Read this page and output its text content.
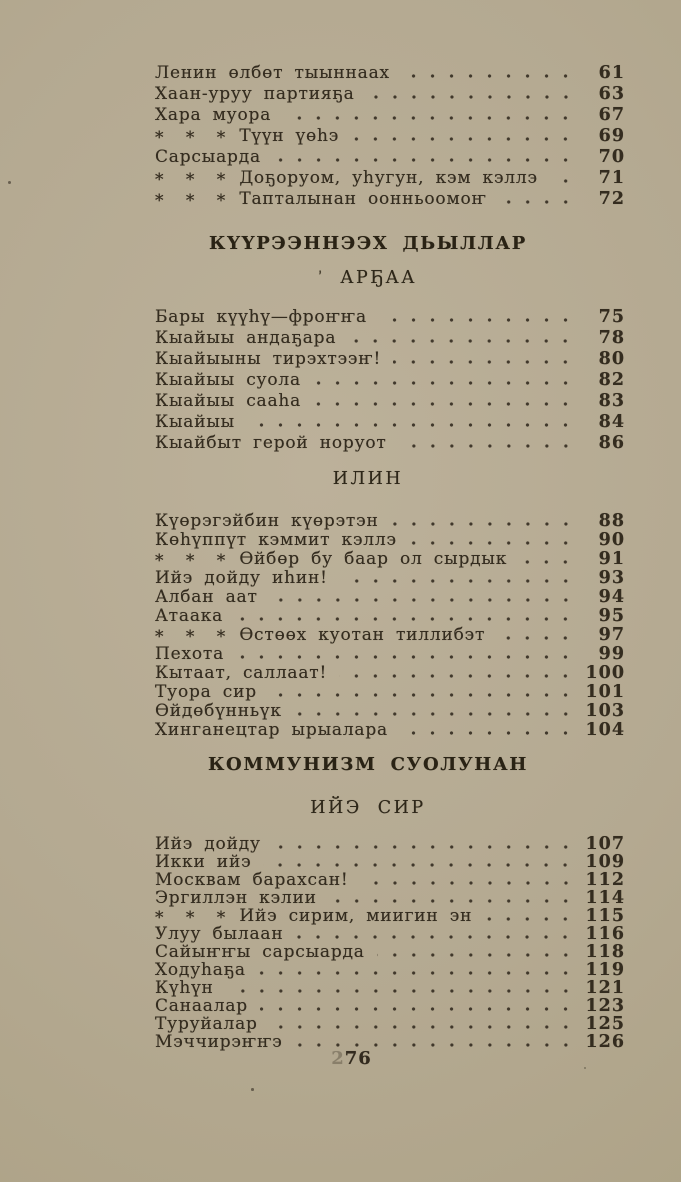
Ленин өлбөт тыыннаах	61
Хаан-уруу партияҕа	63
Хара муора	67
* * * Түүн үөһэ	69
Сарсыарда	70
* * * Доҕоруом, уһугун, кэм кэллэ	71
* * * Тапталынан оонньоомоҥ	72
КҮҮРЭЭННЭЭХ ДЬЫЛЛАР
’ АРҔАА
Бары күүһү—фроҥҥа	75
Кыайыы андаҕара	78
Кыайыыны тирэхтээҥ!	80
Кыайыы суола	82
Кыайыы сааһа	83
Кыайыы	84
Кыайбыт герой норуот	86
ИЛИН
Күөрэгэйбин күөрэтэн	88
Көһүппүт кэммит кэллэ	90
* * * Өйбөр бу баар ол сырдык	91
Ийэ дойду иһин!	93
Албан аат	94
Атаака	95
* * * Өстөөх куотан тиллибэт	97
Пехота	99
Кытаат, саллаат!	100
Туора сир	101
Өйдөбүнньүк	103
Хинганецтар ырыалара	104
КОММУНИЗМ СУОЛУНАН
ИЙЭ СИР
Ийэ дойду	107
Икки ийэ	109
Москвам барахсан!	112
Эргиллэн кэлии	114
* * * Ийэ сирим, миигин эн	115
Улуу былаан	116
Сайыҥҥы сарсыарда	118
Ходуһаҕа	119
Күһүн	121
Санаалар	123
Туруйалар	125
Мэччирэҥҥэ	126
276
